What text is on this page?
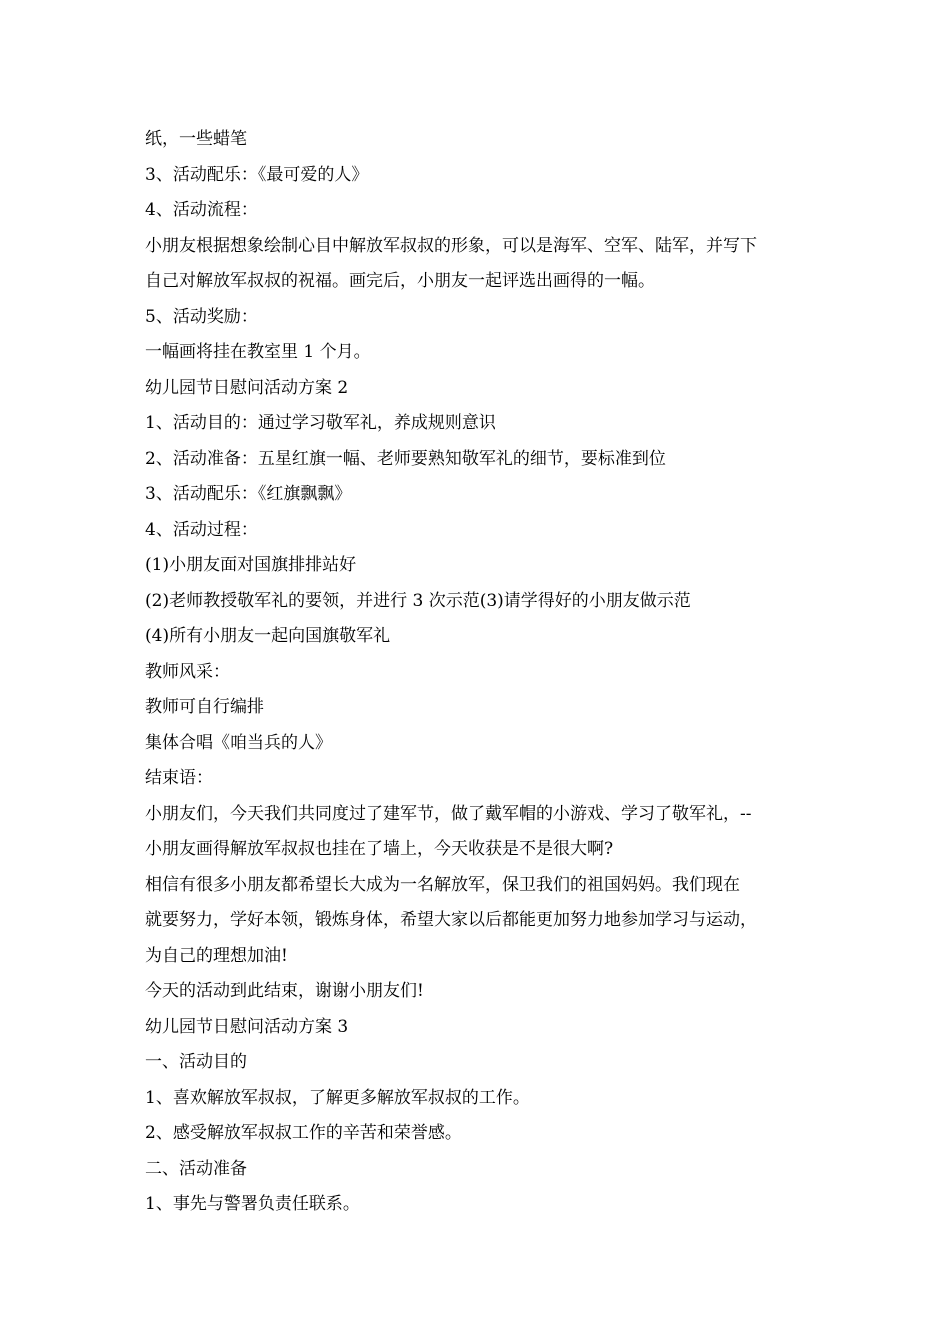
纸，一些蜡笔
3、活动配乐：《最可爱的人》
4、活动流程：
小朋友根据想象绘制心目中解放军叔叔的形象，可以是海军、空军、陆军，并写下
自己对解放军叔叔的祝福。画完后，小朋友一起评选出画得的一幅。
5、活动奖励：
一幅画将挂在教室里 1 个月。
幼儿园节日慰问活动方案 2
1、活动目的：通过学习敬军礼，养成规则意识
2、活动准备：五星红旗一幅、老师要熟知敬军礼的细节，要标准到位
3、活动配乐：《红旗飘飘》
4、活动过程：
(1)小朋友面对国旗排排站好
(2)老师教授敬军礼的要领，并进行 3 次示范(3)请学得好的小朋友做示范
(4)所有小朋友一起向国旗敬军礼
教师风采：
教师可自行编排
集体合唱《咱当兵的人》
结束语：
小朋友们，今天我们共同度过了建军节，做了戴军帽的小游戏、学习了敬军礼，--
小朋友画得解放军叔叔也挂在了墙上，今天收获是不是很大啊?
相信有很多小朋友都希望长大成为一名解放军，保卫我们的祖国妈妈。我们现在
就要努力，学好本领，锻炼身体，希望大家以后都能更加努力地参加学习与运动，
为自己的理想加油!
今天的活动到此结束，谢谢小朋友们!
幼儿园节日慰问活动方案 3
一、活动目的
1、喜欢解放军叔叔，了解更多解放军叔叔的工作。
2、感受解放军叔叔工作的辛苦和荣誉感。
二、活动准备
1、事先与警署负责任联系。
